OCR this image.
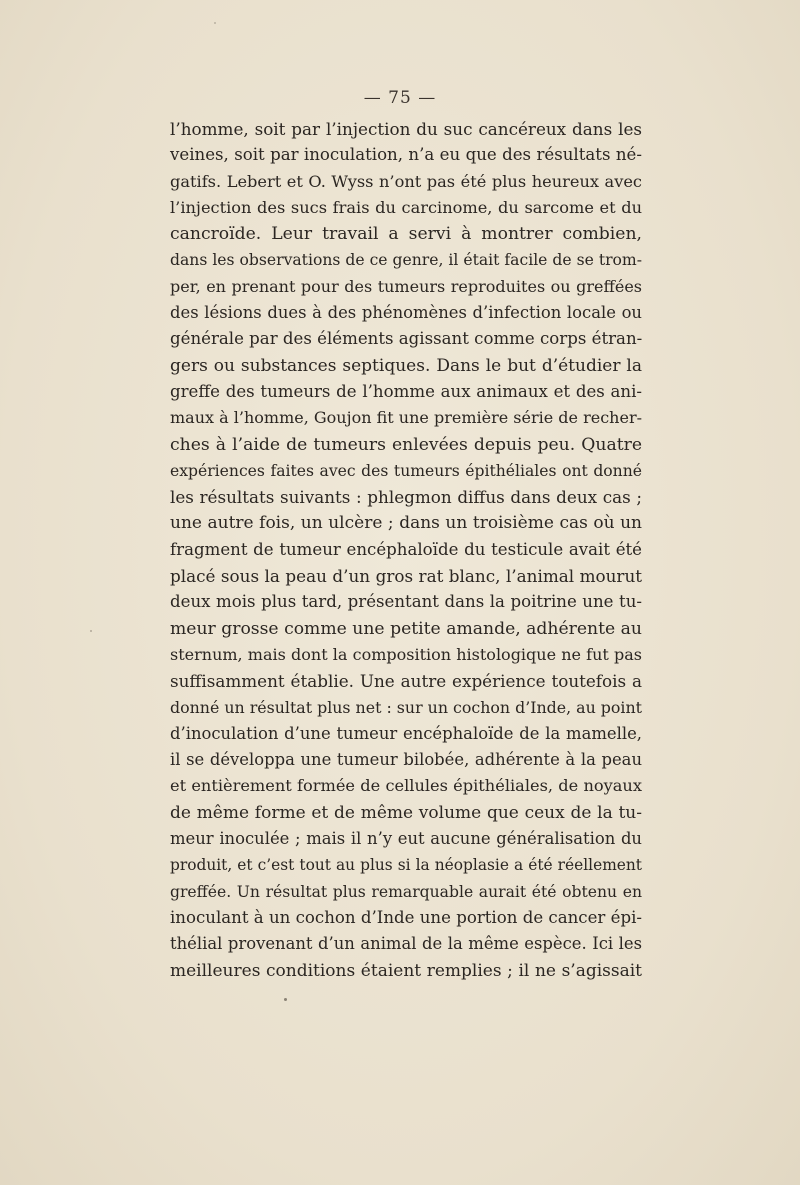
— 75 —
l’homme, soit par l’injection du suc cancéreux dans les
veines, soit par inoculation, n’a eu que des résultats né-
gatifs. Lebert et O. Wyss n’ont pas été plus heureux avec
l’injection des sucs frais du carcinome, du sarcome et du
cancroïde. Leur travail a servi à montrer combien,
dans les observations de ce genre, il était facile de se trom-
per, en prenant pour des tumeurs reproduites ou greffées
des lésions dues à des phénomènes d’infection locale ou
générale par des éléments agissant comme corps étran-
gers ou substances septiques. Dans le but d’étudier la
greffe des tumeurs de l’homme aux animaux et des ani-
maux à l’homme, Goujon fit une première série de recher-
ches à l’aide de tumeurs enlevées depuis peu. Quatre
expériences faites avec des tumeurs épithéliales ont donné
les résultats suivants : phlegmon diffus dans deux cas ;
une autre fois, un ulcère ; dans un troisième cas où un
fragment de tumeur encéphaloïde du testicule avait été
placé sous la peau d’un gros rat blanc, l’animal mourut
deux mois plus tard, présentant dans la poitrine une tu-
meur grosse comme une petite amande, adhérente au
sternum, mais dont la composition histologique ne fut pas
suffisamment établie. Une autre expérience toutefois a
donné un résultat plus net : sur un cochon d’Inde, au point
d’inoculation d’une tumeur encéphaloïde de la mamelle,
il se développa une tumeur bilobée, adhérente à la peau
et entièrement formée de cellules épithéliales, de noyaux
de même forme et de même volume que ceux de la tu-
meur inoculée ; mais il n’y eut aucune généralisation du
produit, et c’est tout au plus si la néoplasie a été réellement
greffée. Un résultat plus remarquable aurait été obtenu en
inoculant à un cochon d’Inde une portion de cancer épi-
thélial provenant d’un animal de la même espèce. Ici les
meilleures conditions étaient remplies ; il ne s’agissait
